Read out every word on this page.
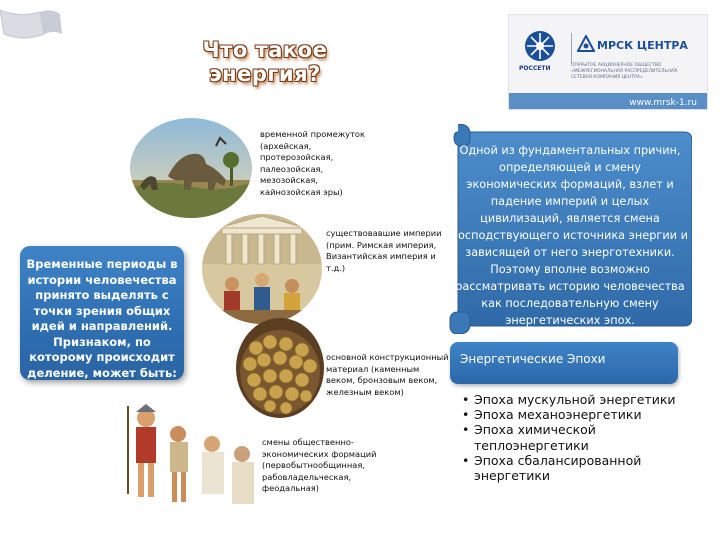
Что такое энергия?	РОССЕТИ
МРСК ЦЕНТРА
ОТКРЫТОЕ АКЦИОНЕРНОЕ ОБЩЕСТВО «МЕЖРЕГИОНАЛЬНАЯ РАСПРЕДЕЛИТЕЛЬНАЯ СЕТЕВАЯ КОМПАНИЯ ЦЕНТРА»
www.mrsk-1.ru
Временные периоды в истории человечества принято выделять с точки зрения общих идей и направлений. Признаком, по которому происходит деление, может быть:
временной промежуток (архейская, протерозойская, палеозойская, мезозойская, кайнозойская эры)
существовавшие империи (прим. Римская империя, Византийская империя и т.д.)
основной конструкционный материал (каменным веком, бронзовым веком, железным веком)
смены общественно-экономических формаций (первобытнообщинная, рабовладельческая, феодальная)
Одной из фундаментальных причин, определяющей и смену экономических формаций, взлет и падение империй и целых цивилизаций, является смена господствующего источника энергии и зависящей от него энерготехники. Поэтому вполне возможно рассматривать историю человечества как последовательную смену энергетических эпох.
Энергетические Эпохи
• Эпоха мускульной энергетики
• Эпоха механоэнергетики
• Эпоха химической теплоэнергетики
• Эпоха сбалансированной энергетики
